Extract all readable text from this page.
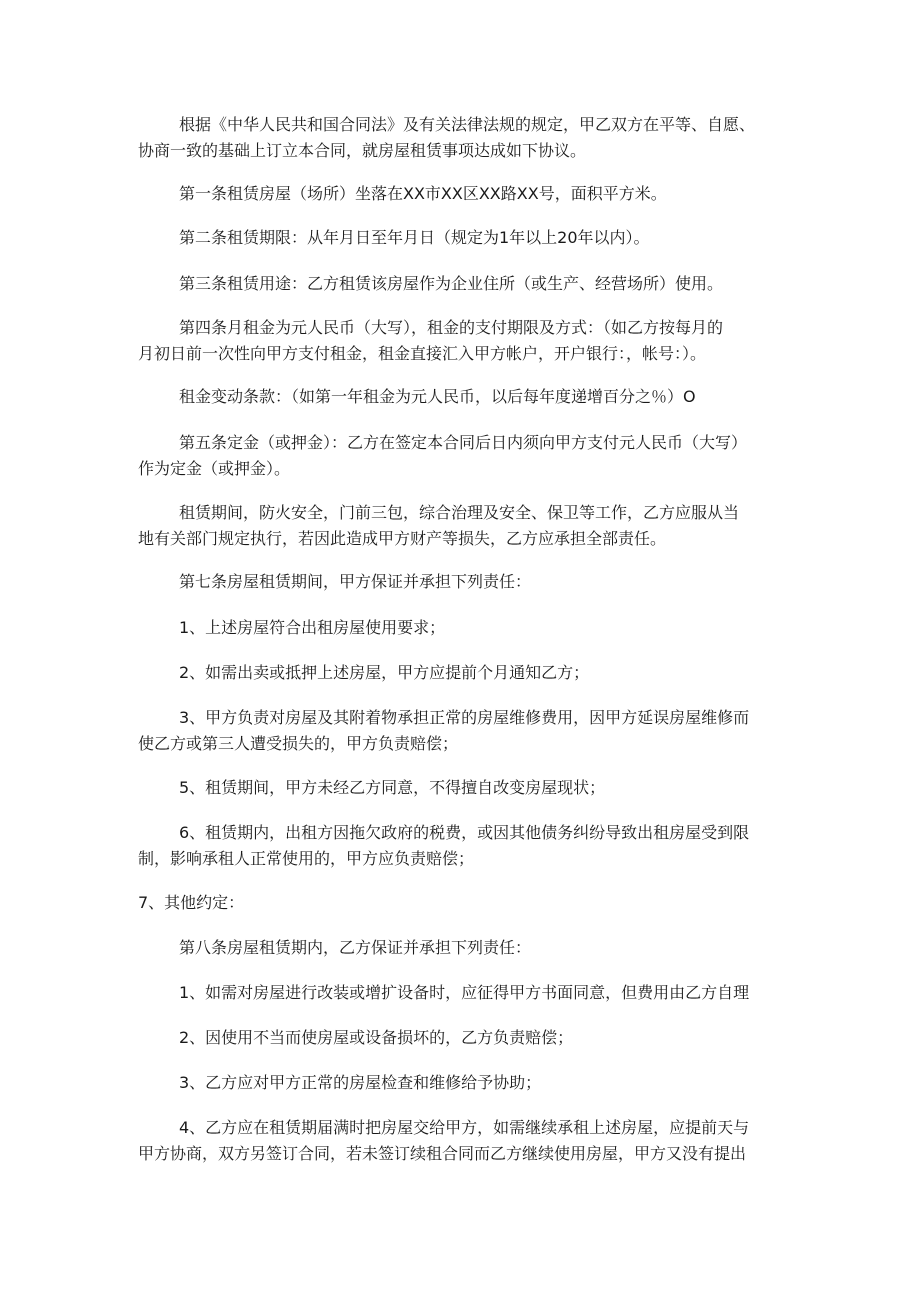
根据《中华人民共和国合同法》及有关法律法规的规定，甲乙双方在平等、自愿、
协商一致的基础上订立本合同，就房屋租赁事项达成如下协议。
第一条租赁房屋（场所）坐落在XX市XX区XX路XX号，面积平方米。
第二条租赁期限：从年月日至年月日（规定为1年以上20年以内）。
第三条租赁用途：乙方租赁该房屋作为企业住所（或生产、经营场所）使用。
第四条月租金为元人民币（大写），租金的支付期限及方式：（如乙方按每月的
月初日前一次性向甲方支付租金，租金直接汇入甲方帐户，开户银行：，帐号：）。
租金变动条款：（如第一年租金为元人民币，以后每年度递增百分之％）O
第五条定金（或押金）：乙方在签定本合同后日内须向甲方支付元人民币（大写）
作为定金（或押金）。
租赁期间，防火安全，门前三包，综合治理及安全、保卫等工作，乙方应服从当
地有关部门规定执行，若因此造成甲方财产等损失，乙方应承担全部责任。
第七条房屋租赁期间，甲方保证并承担下列责任：
1、上述房屋符合出租房屋使用要求；
2、如需出卖或抵押上述房屋，甲方应提前个月通知乙方；
3、甲方负责对房屋及其附着物承担正常的房屋维修费用，因甲方延误房屋维修而
使乙方或第三人遭受损失的，甲方负责赔偿；
5、租赁期间，甲方未经乙方同意，不得擅自改变房屋现状；
6、租赁期内，出租方因拖欠政府的税费，或因其他债务纠纷导致出租房屋受到限
制，影响承租人正常使用的，甲方应负责赔偿；
7、其他约定：
第八条房屋租赁期内，乙方保证并承担下列责任：
1、如需对房屋进行改装或增扩设备时，应征得甲方书面同意，但费用由乙方自理
2、因使用不当而使房屋或设备损坏的，乙方负责赔偿；
3、乙方应对甲方正常的房屋检查和维修给予协助；
4、乙方应在租赁期届满时把房屋交给甲方，如需继续承租上述房屋，应提前天与
甲方协商，双方另签订合同，若未签订续租合同而乙方继续使用房屋，甲方又没有提出
